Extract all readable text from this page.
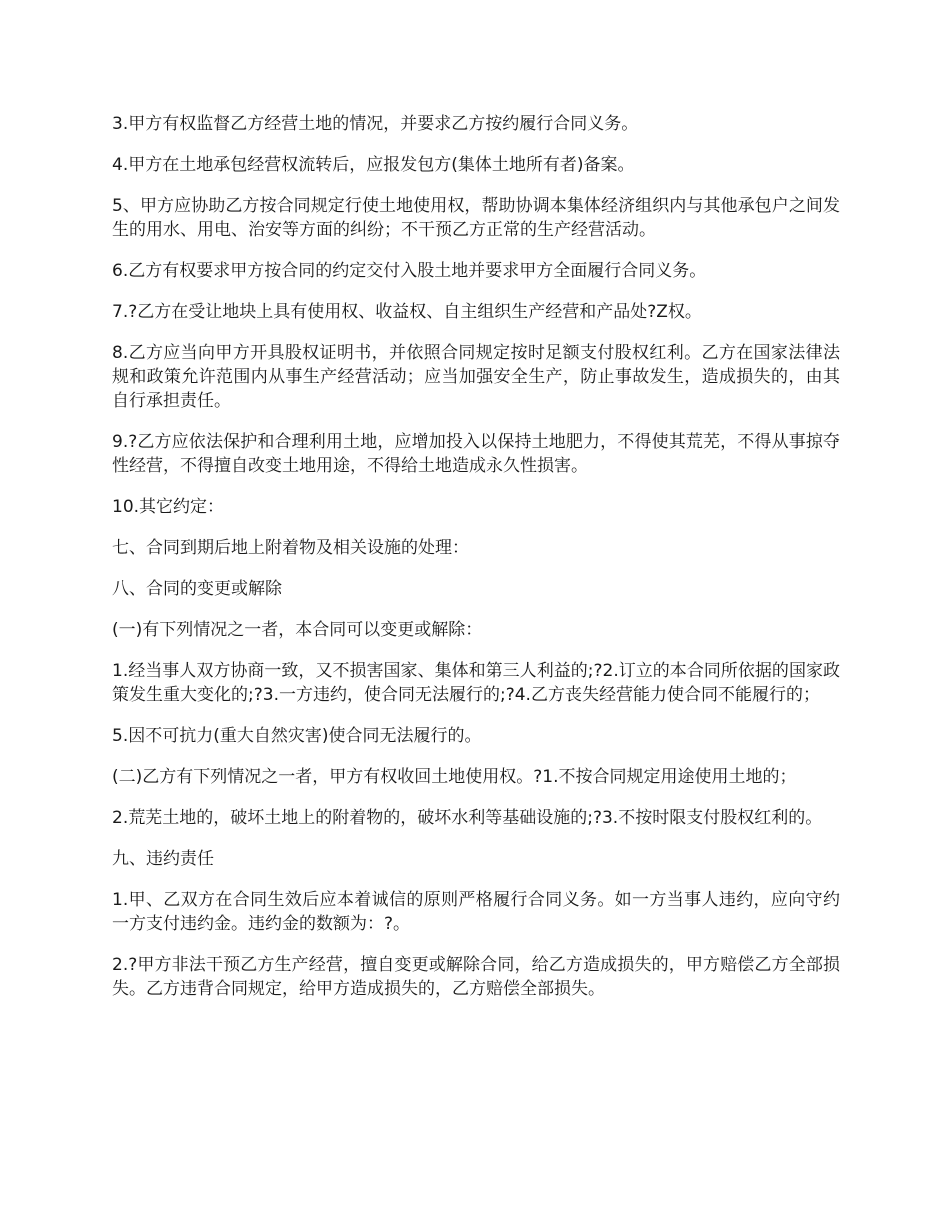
3.甲方有权监督乙方经营土地的情况，并要求乙方按约履行合同义务。

4.甲方在土地承包经营权流转后，应报发包方(集体土地所有者)备案。

5、甲方应协助乙方按合同规定行使土地使用权，帮助协调本集体经济组织内与其他承包户之间发生的用水、用电、治安等方面的纠纷；不干预乙方正常的生产经营活动。

6.乙方有权要求甲方按合同的约定交付入股土地并要求甲方全面履行合同义务。

7.?乙方在受让地块上具有使用权、收益权、自主组织生产经营和产品处?Z权。

8.乙方应当向甲方开具股权证明书，并依照合同规定按时足额支付股权红利。乙方在国家法律法规和政策允许范围内从事生产经营活动；应当加强安全生产，防止事故发生，造成损失的，由其自行承担责任。

9.?乙方应依法保护和合理利用土地，应增加投入以保持土地肥力，不得使其荒芜，不得从事掠夺性经营，不得擅自改变土地用途，不得给土地造成永久性损害。

10.其它约定：

七、合同到期后地上附着物及相关设施的处理：

八、合同的变更或解除

(一)有下列情况之一者，本合同可以变更或解除：

1.经当事人双方协商一致，又不损害国家、集体和第三人利益的;?2.订立的本合同所依据的国家政策发生重大变化的;?3.一方违约，使合同无法履行的;?4.乙方丧失经营能力使合同不能履行的；

5.因不可抗力(重大自然灾害)使合同无法履行的。

(二)乙方有下列情况之一者，甲方有权收回土地使用权。?1.不按合同规定用途使用土地的；

2.荒芜土地的，破坏土地上的附着物的，破坏水利等基础设施的;?3.不按时限支付股权红利的。

九、违约责任

1.甲、乙双方在合同生效后应本着诚信的原则严格履行合同义务。如一方当事人违约，应向守约一方支付违约金。违约金的数额为：?。

2.?甲方非法干预乙方生产经营，擅自变更或解除合同，给乙方造成损失的，甲方赔偿乙方全部损失。乙方违背合同规定，给甲方造成损失的，乙方赔偿全部损失。
